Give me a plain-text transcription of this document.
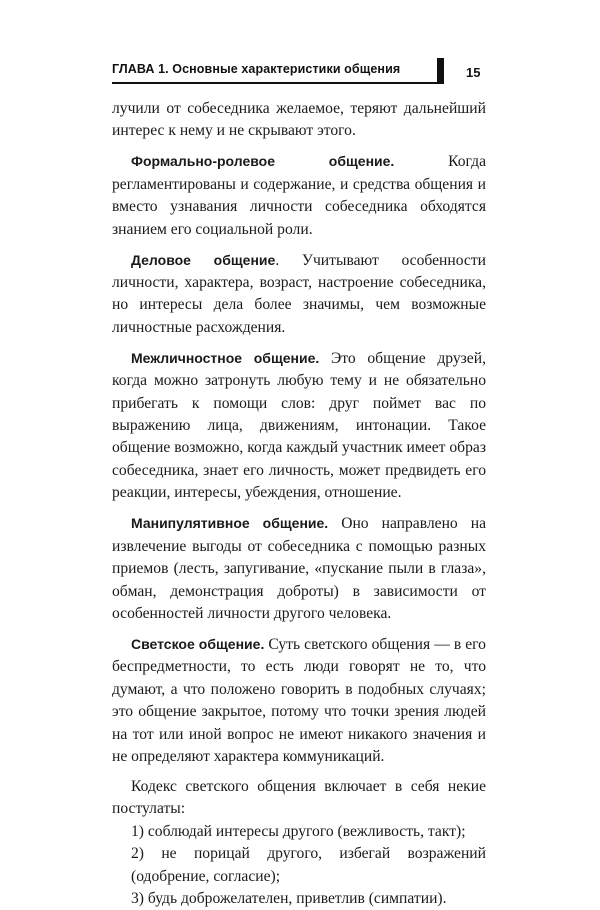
ГЛАВА 1. Основные характеристики общения	15

лучили от собеседника желаемое, теряют дальнейший интерес к нему и не скрывают этого.

Формально-ролевое общение. Когда регламентированы и содержание, и средства общения и вместо узнавания личности собеседника обходятся знанием его социальной роли.

Деловое общение. Учитывают особенности личности, характера, возраст, настроение собеседника, но интересы дела более значимы, чем возможные личностные расхождения.

Межличностное общение. Это общение друзей, когда можно затронуть любую тему и не обязательно прибегать к помощи слов: друг поймет вас по выражению лица, движениям, интонации. Такое общение возможно, когда каждый участник имеет образ собеседника, знает его личность, может предвидеть его реакции, интересы, убеждения, отношение.

Манипулятивное общение. Оно направлено на извлечение выгоды от собеседника с помощью разных приемов (лесть, запугивание, «пускание пыли в глаза», обман, демонстрация доброты) в зависимости от особенностей личности другого человека.

Светское общение. Суть светского общения — в его беспредметности, то есть люди говорят не то, что думают, а что положено говорить в подобных случаях; это общение закрытое, потому что точки зрения людей на тот или иной вопрос не имеют никакого значения и не определяют характера коммуникаций.

Кодекс светского общения включает в себя некие постулаты:

1) соблюдай интересы другого (вежливость, такт);

2) не порицай другого, избегай возражений (одобрение, согласие);

3) будь доброжелателен, приветлив (симпатии).
